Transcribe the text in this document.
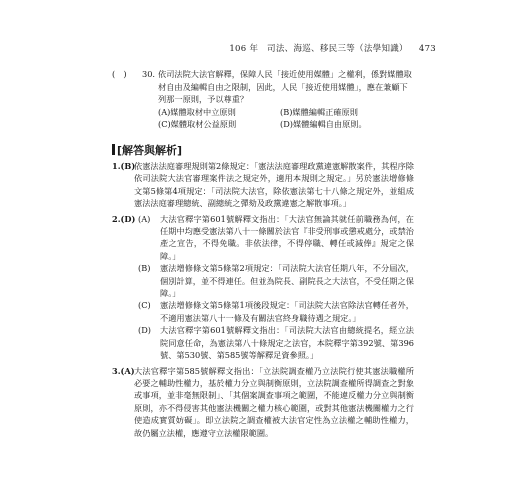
106 年　司法、海巡、移民三等（法學知識） 473
(　) 30. 依司法院大法官解釋，保障人民「接近使用媒體」之權利，係對媒體取材自由及編輯自由之限制，因此，人民「接近使用媒體」，應在兼顧下列那一原則，予以尊重？
(A)媒體取材中立原則	(B)媒體編輯正確原則
(C)媒體取材公益原則	(D)媒體編輯自由原則。
[解答與解析]
1.(B)
依憲法法庭審理規則第2條規定：「憲法法庭審理政黨違憲解散案件，其程序除依司法院大法官審理案件法之規定外，適用本規則之規定。」另於憲法增修條文第5條第4項規定：「司法院大法官，除依憲法第七十八條之規定外，並組成憲法法庭審理總統、副總統之彈劾及政黨違憲之解散事項。」
2.(D) (A) 大法官釋字第601號解釋文指出：「大法官無論其就任前職務為何，在任期中均應受憲法第八十一條關於法官『非受刑事或懲戒處分，或禁治產之宣告，不得免職。非依法律，不得停職、轉任或減俸』規定之保障。」
(B) 憲法增修條文第5條第2項規定：「司法院大法官任期八年，不分屆次，個別計算，並不得連任。但並為院長、副院長之大法官，不受任期之保障。」
(C) 憲法增修條文第5條第1項後段規定：「司法院大法官除法官轉任者外，不適用憲法第八十一條及有關法官終身職待遇之規定。」
(D) 大法官釋字第601號解釋文指出：「司法院大法官由總統提名，經立法院同意任命，為憲法第八十條規定之法官，本院釋字第392號、第396號、第530號、第585號等解釋足資參照。」
3.(A) 大法官釋字第585號解釋文指出：「立法院調查權乃立法院行使其憲法職權所必要之輔助性權力，基於權力分立與制衡原則，立法院調查權所得調查之對象或事項，並非毫無限制」、「其個案調查事項之範圍，不能違反權力分立與制衡原則，亦不得侵害其他憲法機關之權力核心範圍，或對其他憲法機關權力之行使造成實質妨礙」。即立法院之調查權被大法官定性為立法權之輔助性權力，故仍屬立法權，應遵守立法權限範圍。
